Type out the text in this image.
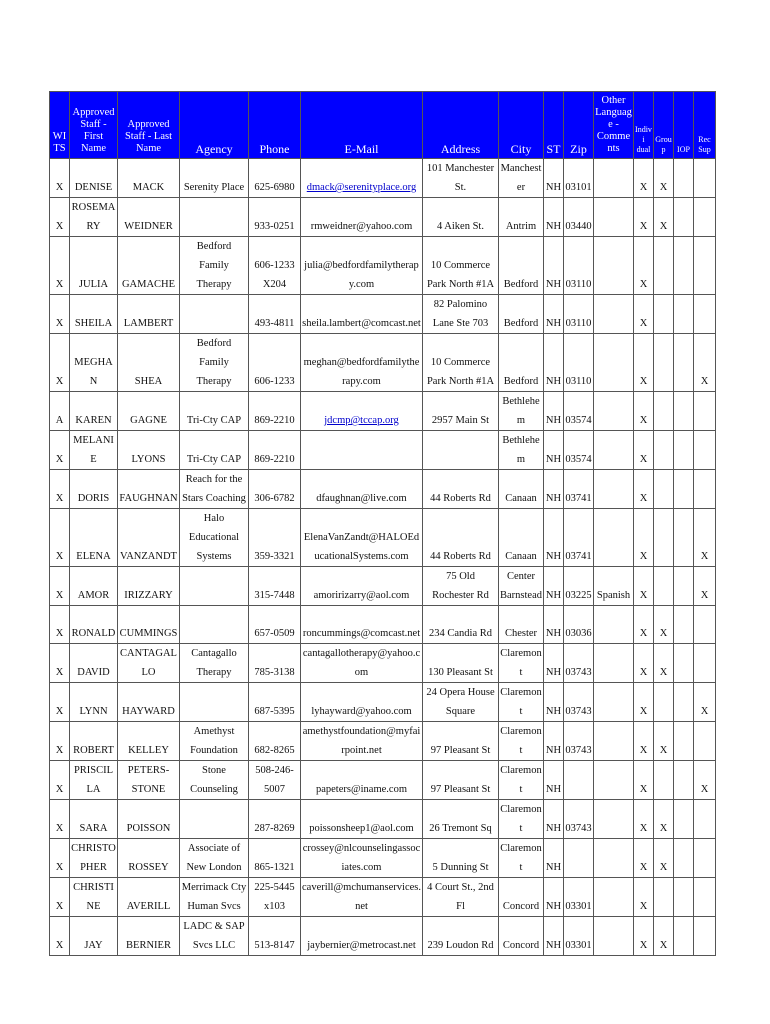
WITS	Approved Staff - First Name	Approved Staff - Last Name	Agency	Phone	E-Mail	Address	City	ST	Zip	Other Language - Comments	Indivi dual	Grou p	IOP	Rec Sup
X	DENISE	MACK	Serenity Place	625-6980	dmack@serenityplace.org	101 Manchester St.	Manchester	NH	03101		X	X		
X	ROSEMARY	WEIDNER		933-0251	rmweidner@yahoo.com	4 Aiken St.	Antrim	NH	03440		X	X		
X	JULIA	GAMACHE	Bedford Family Therapy	606-1233 X204	julia@bedfordfamilytherapy.com	10 Commerce Park North #1A	Bedford	NH	03110		X			
X	SHEILA	LAMBERT		493-4811	sheila.lambert@comcast.net	82 Palomino Lane Ste 703	Bedford	NH	03110		X			
X	MEGHAN	SHEA	Bedford Family Therapy	606-1233	meghan@bedfordfamilytherapy.com	10 Commerce Park North #1A	Bedford	NH	03110		X			X
A	KAREN	GAGNE	Tri-Cty CAP	869-2210	jdcmp@tccap.org	2957 Main St	Bethlehem	NH	03574		X			
X	MELANIE	LYONS	Tri-Cty CAP	869-2210			Bethlehem	NH	03574		X			
X	DORIS	FAUGHNAN	Reach for the Stars Coaching	306-6782	dfaughnan@live.com	44 Roberts Rd	Canaan	NH	03741		X			
X	ELENA	VANZANDT	Halo Educational Systems	359-3321	ElenaVanZandt@HALOEducationalSystems.com	44 Roberts Rd	Canaan	NH	03741		X			X
X	AMOR	IRIZZARY		315-7448	amoririzarry@aol.com	75 Old Rochester Rd	Center Barnstead	NH	03225	Spanish	X			X
X	RONALD	CUMMINGS		657-0509	roncummings@comcast.net	234 Candia Rd	Chester	NH	03036		X	X		
X	DAVID	CANTAGALLO	Cantagallo Therapy	785-3138	cantagallotherapy@yahoo.com	130 Pleasant St	Claremont	NH	03743		X	X		
X	LYNN	HAYWARD		687-5395	lyhayward@yahoo.com	24 Opera House Square	Claremont	NH	03743		X			X
X	ROBERT	KELLEY	Amethyst Foundation	682-8265	amethystfoundation@myfairpoint.net	97 Pleasant St	Claremont	NH	03743		X	X		
X	PRISCILLA	PETERS-STONE	Stone Counseling	508-246-5007	papeters@iname.com	97 Pleasant St	Claremont	NH			X			X
X	SARA	POISSON		287-8269	poissonsheep1@aol.com	26 Tremont Sq	Claremont	NH	03743		X	X		
X	CHRISTOPHER	ROSSEY	Associate of New London	865-1321	crossey@nlcounselingassociates.com	5 Dunning St	Claremont	NH			X	X		
X	CHRISTINE	AVERILL	Merrimack Cty Human Svcs	225-5445 x103	caverill@mchumanservices.net	4 Court St., 2nd Fl	Concord	NH	03301		X			
X	JAY	BERNIER	LADC & SAP Svcs LLC	513-8147	jaybernier@metrocast.net	239 Loudon Rd	Concord	NH	03301		X	X		
